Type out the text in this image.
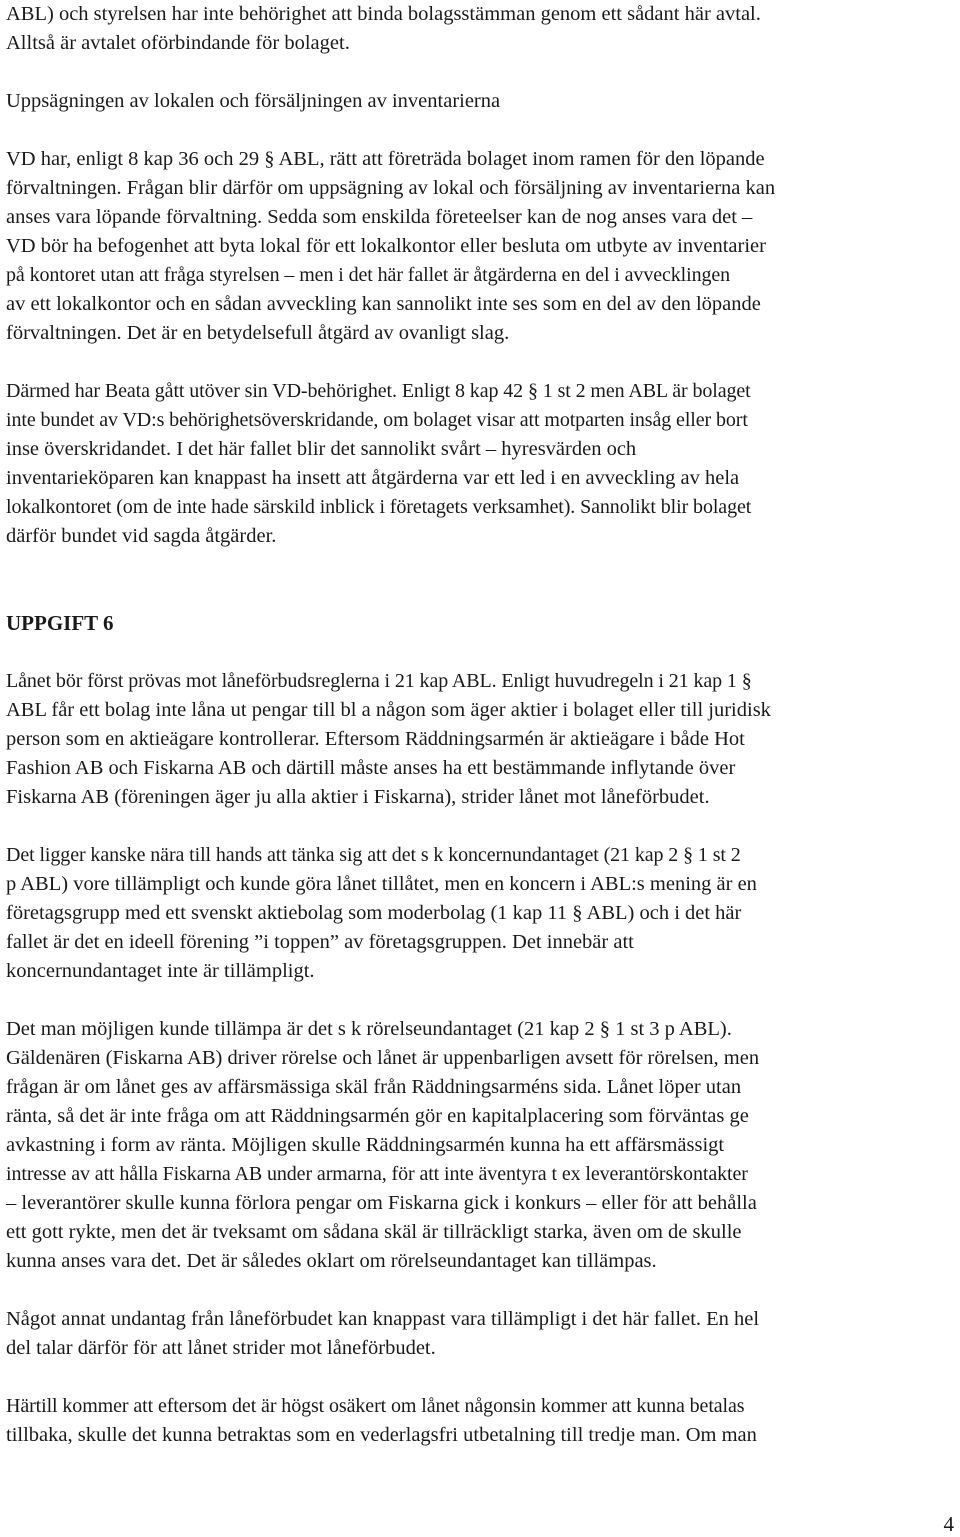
ABL) och styrelsen har inte behörighet att binda bolagsstämman genom ett sådant här avtal.
Alltså är avtalet oförbindande för bolaget.
Uppsägningen av lokalen och försäljningen av inventarierna
VD har, enligt 8 kap 36 och 29 § ABL, rätt att företräda bolaget inom ramen för den löpande
förvaltningen. Frågan blir därför om uppsägning av lokal och försäljning av inventarierna kan
anses vara löpande förvaltning. Sedda som enskilda företeelser kan de nog anses vara det –
VD bör ha befogenhet att byta lokal för ett lokalkontor eller besluta om utbyte av inventarier
på kontoret utan att fråga styrelsen – men i det här fallet är åtgärderna en del i avvecklingen
av ett lokalkontor och en sådan avveckling kan sannolikt inte ses som en del av den löpande
förvaltningen. Det är en betydelsefull åtgärd av ovanligt slag.
Därmed har Beata gått utöver sin VD-behörighet. Enligt 8 kap 42 § 1 st 2 men ABL är bolaget
inte bundet av VD:s behörighetsöverskridande, om bolaget visar att motparten insåg eller bort
inse överskridandet. I det här fallet blir det sannolikt svårt – hyresvärden och
inventarieköparen kan knappast ha insett att åtgärderna var ett led i en avveckling av hela
lokalkontoret (om de inte hade särskild inblick i företagets verksamhet). Sannolikt blir bolaget
därför bundet vid sagda åtgärder.
UPPGIFT 6
Lånet bör först prövas mot låneförbudsreglerna i 21 kap ABL. Enligt huvudregeln i 21 kap 1 §
ABL får ett bolag inte låna ut pengar till bl a någon som äger aktier i bolaget eller till juridisk
person som en aktieägare kontrollerar. Eftersom Räddningsarmén är aktieägare i både Hot
Fashion AB och Fiskarna AB och därtill måste anses ha ett bestämmande inflytande över
Fiskarna AB (föreningen äger ju alla aktier i Fiskarna), strider lånet mot låneförbudet.
Det ligger kanske nära till hands att tänka sig att det s k koncernundantaget (21 kap 2 § 1 st 2
p ABL) vore tillämpligt och kunde göra lånet tillåtet, men en koncern i ABL:s mening är en
företagsgrupp med ett svenskt aktiebolag som moderbolag (1 kap 11 § ABL) och i det här
fallet är det en ideell förening ”i toppen” av företagsgruppen. Det innebär att
koncernundantaget inte är tillämpligt.
Det man möjligen kunde tillämpa är det s k rörelseundantaget (21 kap 2 § 1 st 3 p ABL).
Gäldenären (Fiskarna AB) driver rörelse och lånet är uppenbarligen avsett för rörelsen, men
frågan är om lånet ges av affärsmässiga skäl från Räddningsarméns sida. Lånet löper utan
ränta, så det är inte fråga om att Räddningsarmén gör en kapitalplacering som förväntas ge
avkastning i form av ränta. Möjligen skulle Räddningsarmén kunna ha ett affärsmässigt
intresse av att hålla Fiskarna AB under armarna, för att inte äventyra t ex leverantörskontakter
– leverantörer skulle kunna förlora pengar om Fiskarna gick i konkurs – eller för att behålla
ett gott rykte, men det är tveksamt om sådana skäl är tillräckligt starka, även om de skulle
kunna anses vara det. Det är således oklart om rörelseundantaget kan tillämpas.
Något annat undantag från låneförbudet kan knappast vara tillämpligt i det här fallet. En hel
del talar därför för att lånet strider mot låneförbudet.
Härtill kommer att eftersom det är högst osäkert om lånet någonsin kommer att kunna betalas
tillbaka, skulle det kunna betraktas som en vederlagsfri utbetalning till tredje man. Om man
4
